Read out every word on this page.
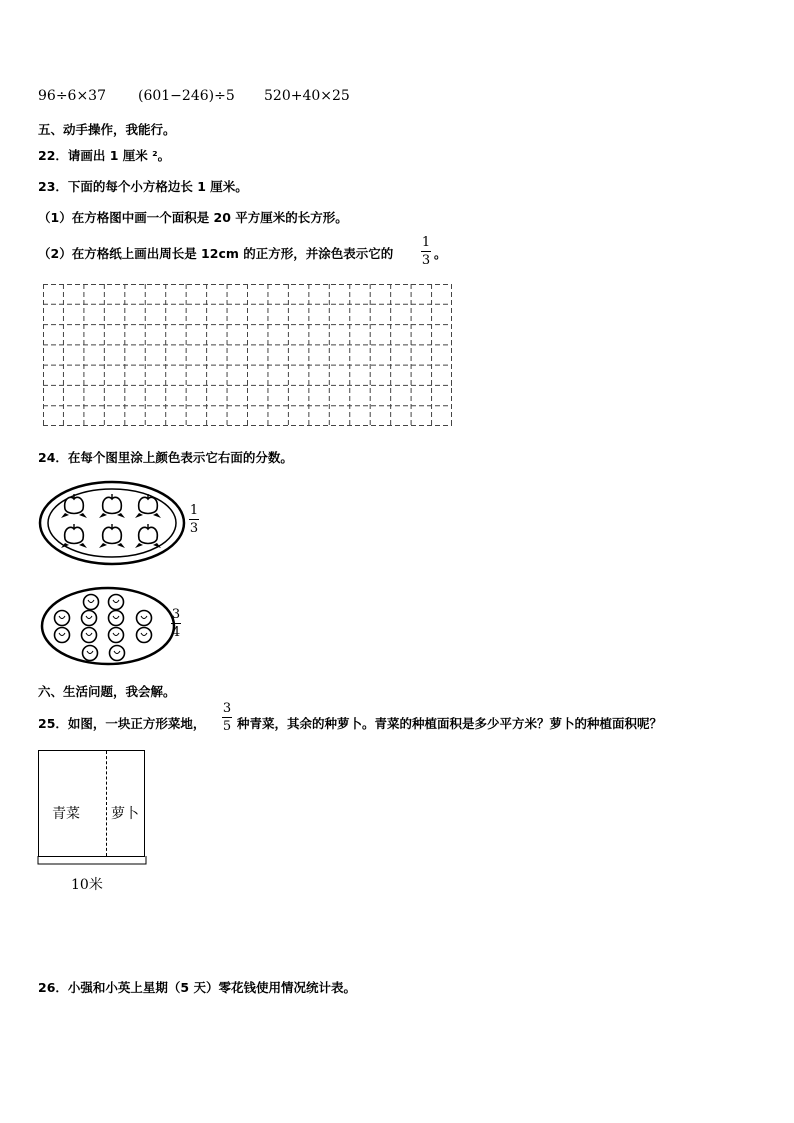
96÷6×37 (601−246)÷5 520+40×25
五、动手操作，我能行。
22．请画出 1 厘米 ²。
23．下面的每个小方格边长 1 厘米。
（1）在方格图中画一个面积是 20 平方厘米的长方形。
（2）在方格纸上画出周长是 12cm 的正方形，并涂色表示它的
1
3 。
24．在每个图里涂上颜色表示它右面的分数。
1
3
3
4
六、生活问题，我会解。
25．如图，一块正方形菜地，
3
5 种青菜，其余的种萝卜。青菜的种植面积是多少平方米？萝卜的种植面积呢？
青菜 萝卜
10米
26．小强和小英上星期（5 天）零花钱使用情况统计表。
